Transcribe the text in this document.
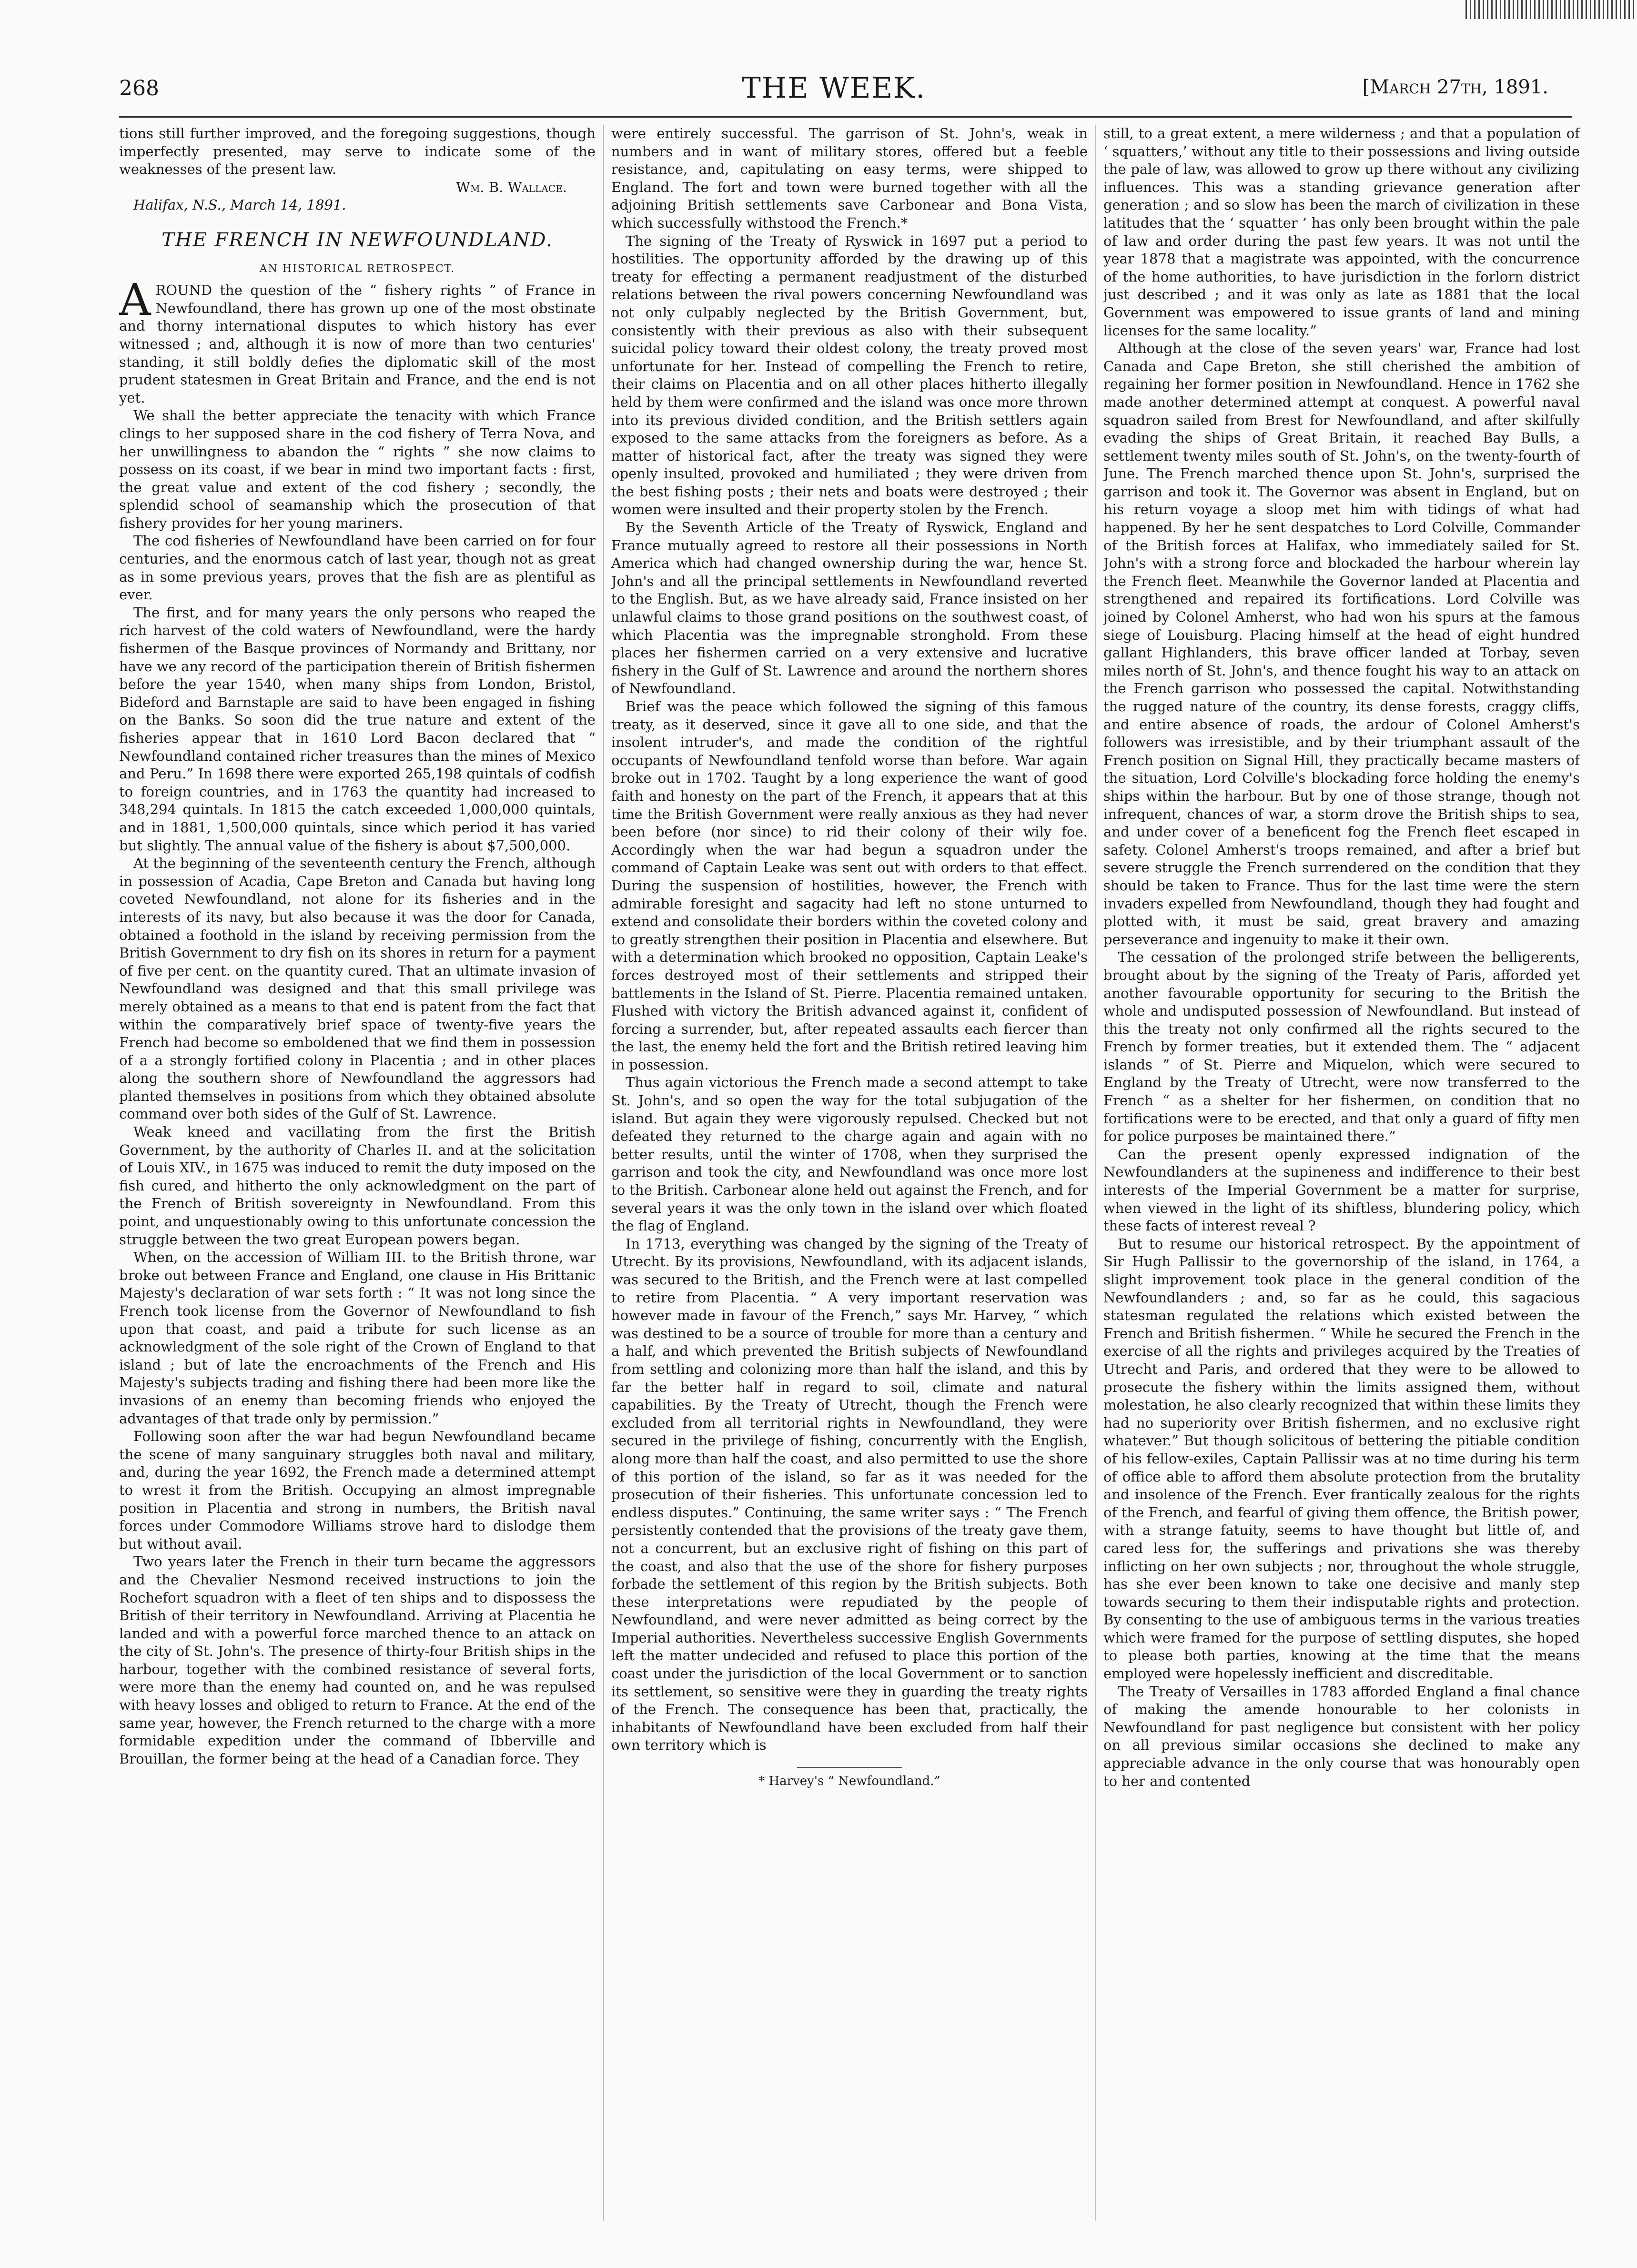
268	THE WEEK.	[March 27th, 1891.

tions still further improved, and the foregoing suggestions, though imperfectly presented, may serve to indicate some of the weaknesses of the present law.

Wm. B. Wallace.

Halifax, N.S., March 14, 1891.

THE FRENCH IN NEWFOUNDLAND.

AN HISTORICAL RETROSPECT.

AROUND the question of the “ fishery rights ” of France in Newfoundland, there has grown up one of the most obstinate and thorny international disputes to which history has ever witnessed ; and, although it is now of more than two centuries' standing, it still boldly defies the diplomatic skill of the most prudent statesmen in Great Britain and France, and the end is not yet.

We shall the better appreciate the tenacity with which France clings to her supposed share in the cod fishery of Terra Nova, and her unwillingness to abandon the “ rights ” she now claims to possess on its coast, if we bear in mind two important facts : first, the great value and extent of the cod fishery ; secondly, the splendid school of seamanship which the prosecution of that fishery provides for her young mariners.

The cod fisheries of Newfoundland have been carried on for four centuries, and the enormous catch of last year, though not as great as in some previous years, proves that the fish are as plentiful as ever.

The first, and for many years the only persons who reaped the rich harvest of the cold waters of Newfoundland, were the hardy fishermen of the Basque provinces of Normandy and Brittany, nor have we any record of the participation therein of British fishermen before the year 1540, when many ships from London, Bristol, Bideford and Barnstaple are said to have been engaged in fishing on the Banks. So soon did the true nature and extent of the fisheries appear that in 1610 Lord Bacon declared that “ Newfoundland contained richer treasures than the mines of Mexico and Peru.” In 1698 there were exported 265,198 quintals of codfish to foreign countries, and in 1763 the quantity had increased to 348,294 quintals. In 1815 the catch exceeded 1,000,000 quintals, and in 1881, 1,500,000 quintals, since which period it has varied but slightly. The annual value of the fishery is about $7,500,000.

At the beginning of the seventeenth century the French, although in possession of Acadia, Cape Breton and Canada but having long coveted Newfoundland, not alone for its fisheries and in the interests of its navy, but also because it was the door for Canada, obtained a foothold in the island by receiving permission from the British Government to dry fish on its shores in return for a payment of five per cent. on the quantity cured. That an ultimate invasion of Newfoundland was designed and that this small privilege was merely obtained as a means to that end is patent from the fact that within the comparatively brief space of twenty-five years the French had become so emboldened that we find them in possession of a a strongly fortified colony in Placentia ; and in other places along the southern shore of Newfoundland the aggressors had planted themselves in positions from which they obtained absolute command over both sides of the Gulf of St. Lawrence.

Weak kneed and vacillating from the first the British Government, by the authority of Charles II. and at the solicitation of Louis XIV., in 1675 was induced to remit the duty imposed on the fish cured, and hitherto the only acknowledgment on the part of the French of British sovereignty in Newfoundland. From this point, and unquestionably owing to this unfortunate concession the struggle between the two great European powers began.

When, on the accession of William III. to the British throne, war broke out between France and England, one clause in His Brittanic Majesty's declaration of war sets forth : “ It was not long since the French took license from the Governor of Newfoundland to fish upon that coast, and paid a tribute for such license as an acknowledgment of the sole right of the Crown of England to that island ; but of late the encroachments of the French and His Majesty's subjects trading and fishing there had been more like the invasions of an enemy than becoming friends who enjoyed the advantages of that trade only by permission.”

Following soon after the war had begun Newfoundland became the scene of many sanguinary struggles both naval and military, and, during the year 1692, the French made a determined attempt to wrest it from the British. Occupying an almost impregnable position in Placentia and strong in numbers, the British naval forces under Commodore Williams strove hard to dislodge them but without avail.

Two years later the French in their turn became the aggressors and the Chevalier Nesmond received instructions to join the Rochefort squadron with a fleet of ten ships and to dispossess the British of their territory in Newfoundland. Arriving at Placentia he landed and with a powerful force marched thence to an attack on the city of St. John's. The presence of thirty-four British ships in the harbour, together with the combined resistance of several forts, were more than the enemy had counted on, and he was repulsed with heavy losses and obliged to return to France. At the end of the same year, however, the French returned to the charge with a more formidable expedition under the command of Ibberville and Brouillan, the former being at the head of a Canadian force. They

were entirely successful. The garrison of St. John's, weak in numbers and in want of military stores, offered but a feeble resistance, and, capitulating on easy terms, were shipped to England. The fort and town were burned together with all the adjoining British settlements save Carbonear and Bona Vista, which successfully withstood the French.*

The signing of the Treaty of Ryswick in 1697 put a period to hostilities. The opportunity afforded by the drawing up of this treaty for effecting a permanent readjustment of the disturbed relations between the rival powers concerning Newfoundland was not only culpably neglected by the British Government, but, consistently with their previous as also with their subsequent suicidal policy toward their oldest colony, the treaty proved most unfortunate for her. Instead of compelling the French to retire, their claims on Placentia and on all other places hitherto illegally held by them were confirmed and the island was once more thrown into its previous divided condition, and the British settlers again exposed to the same attacks from the foreigners as before. As a matter of historical fact, after the treaty was signed they were openly insulted, provoked and humiliated ; they were driven from the best fishing posts ; their nets and boats were destroyed ; their women were insulted and their property stolen by the French.

By the Seventh Article of the Treaty of Ryswick, England and France mutually agreed to restore all their possessions in North America which had changed ownership during the war, hence St. John's and all the principal settlements in Newfoundland reverted to the English. But, as we have already said, France insisted on her unlawful claims to those grand positions on the southwest coast, of which Placentia was the impregnable stronghold. From these places her fishermen carried on a very extensive and lucrative fishery in the Gulf of St. Lawrence and around the northern shores of Newfoundland.

Brief was the peace which followed the signing of this famous treaty, as it deserved, since it gave all to one side, and that the insolent intruder's, and made the condition of the rightful occupants of Newfoundland tenfold worse than before. War again broke out in 1702. Taught by a long experience the want of good faith and honesty on the part of the French, it appears that at this time the British Government were really anxious as they had never been before (nor since) to rid their colony of their wily foe. Accordingly when the war had begun a squadron under the command of Captain Leake was sent out with orders to that effect. During the suspension of hostilities, however, the French with admirable foresight and sagacity had left no stone unturned to extend and consolidate their borders within the coveted colony and to greatly strengthen their position in Placentia and elsewhere. But with a determination which brooked no opposition, Captain Leake's forces destroyed most of their settlements and stripped their battlements in the Island of St. Pierre. Placentia remained untaken. Flushed with victory the British advanced against it, confident of forcing a surrender, but, after repeated assaults each fiercer than the last, the enemy held the fort and the British retired leaving him in possession.

Thus again victorious the French made a second attempt to take St. John's, and so open the way for the total subjugation of the island. But again they were vigorously repulsed. Checked but not defeated they returned to the charge again and again with no better results, until the winter of 1708, when they surprised the garrison and took the city, and Newfoundland was once more lost to the British. Carbonear alone held out against the French, and for several years it was the only town in the island over which floated the flag of England.

In 1713, everything was changed by the signing of the Treaty of Utrecht. By its provisions, Newfoundland, with its adjacent islands, was secured to the British, and the French were at last compelled to retire from Placentia. “ A very important reservation was however made in favour of the French,” says Mr. Harvey, “ which was destined to be a source of trouble for more than a century and a half, and which prevented the British subjects of Newfoundland from settling and colonizing more than half the island, and this by far the better half in regard to soil, climate and natural capabilities. By the Treaty of Utrecht, though the French were excluded from all territorial rights in Newfoundland, they were secured in the privilege of fishing, concurrently with the English, along more than half the coast, and also permitted to use the shore of this portion of the island, so far as it was needed for the prosecution of their fisheries. This unfortunate concession led to endless disputes.” Continuing, the same writer says : “ The French persistently contended that the provisions of the treaty gave them, not a concurrent, but an exclusive right of fishing on this part of the coast, and also that the use of the shore for fishery purposes forbade the settlement of this region by the British subjects. Both these interpretations were repudiated by the people of Newfoundland, and were never admitted as being correct by the Imperial authorities. Nevertheless successive English Governments left the matter undecided and refused to place this portion of the coast under the jurisdiction of the local Government or to sanction its settlement, so sensitive were they in guarding the treaty rights of the French. The consequence has been that, practically, the inhabitants of Newfoundland have been excluded from half their own territory which is

* Harvey's “ Newfoundland.”

still, to a great extent, a mere wilderness ; and that a population of ‘ squatters,’ without any title to their possessions and living outside the pale of law, was allowed to grow up there without any civilizing influences. This was a standing grievance generation after generation ; and so slow has been the march of civilization in these latitudes that the ‘ squatter ’ has only been brought within the pale of law and order during the past few years. It was not until the year 1878 that a magistrate was appointed, with the concurrence of the home authorities, to have jurisdiction in the forlorn district just described ; and it was only as late as 1881 that the local Government was empowered to issue grants of land and mining licenses for the same locality.”

Although at the close of the seven years' war, France had lost Canada and Cape Breton, she still cherished the ambition of regaining her former position in Newfoundland. Hence in 1762 she made another determined attempt at conquest. A powerful naval squadron sailed from Brest for Newfoundland, and after skilfully evading the ships of Great Britain, it reached Bay Bulls, a settlement twenty miles south of St. John's, on the twenty-fourth of June. The French marched thence upon St. John's, surprised the garrison and took it. The Governor was absent in England, but on his return voyage a sloop met him with tidings of what had happened. By her he sent despatches to Lord Colville, Commander of the British forces at Halifax, who immediately sailed for St. John's with a strong force and blockaded the harbour wherein lay the French fleet. Meanwhile the Governor landed at Placentia and strengthened and repaired its fortifications. Lord Colville was joined by Colonel Amherst, who had won his spurs at the famous siege of Louisburg. Placing himself at the head of eight hundred gallant Highlanders, this brave officer landed at Torbay, seven miles north of St. John's, and thence fought his way to an attack on the French garrison who possessed the capital. Notwithstanding the rugged nature of the country, its dense forests, craggy cliffs, and entire absence of roads, the ardour of Colonel Amherst's followers was irresistible, and by their triumphant assault of the French position on Signal Hill, they practically became masters of the situation, Lord Colville's blockading force holding the enemy's ships within the harbour. But by one of those strange, though not infrequent, chances of war, a storm drove the British ships to sea, and under cover of a beneficent fog the French fleet escaped in safety. Colonel Amherst's troops remained, and after a brief but severe struggle the French surrendered on the condition that they should be taken to France. Thus for the last time were the stern invaders expelled from Newfoundland, though they had fought and plotted with, it must be said, great bravery and amazing perseverance and ingenuity to make it their own.

The cessation of the prolonged strife between the belligerents, brought about by the signing of the Treaty of Paris, afforded yet another favourable opportunity for securing to the British the whole and undisputed possession of Newfoundland. But instead of this the treaty not only confirmed all the rights secured to the French by former treaties, but it extended them. The “ adjacent islands ” of St. Pierre and Miquelon, which were secured to England by the Treaty of Utrecht, were now transferred to the French “ as a shelter for her fishermen, on condition that no fortifications were to be erected, and that only a guard of fifty men for police purposes be maintained there.”

Can the present openly expressed indignation of the Newfoundlanders at the supineness and indifference to their best interests of the Imperial Government be a matter for surprise, when viewed in the light of its shiftless, blundering policy, which these facts of interest reveal ?

But to resume our historical retrospect. By the appointment of Sir Hugh Pallissir to the governorship of the island, in 1764, a slight improvement took place in the general condition of the Newfoundlanders ; and, so far as he could, this sagacious statesman regulated the relations which existed between the French and British fishermen. “ While he secured the French in the exercise of all the rights and privileges acquired by the Treaties of Utrecht and Paris, and ordered that they were to be allowed to prosecute the fishery within the limits assigned them, without molestation, he also clearly recognized that within these limits they had no superiority over British fishermen, and no exclusive right whatever.” But though solicitous of bettering the pitiable condition of his fellow-exiles, Captain Pallissir was at no time during his term of office able to afford them absolute protection from the brutality and insolence of the French. Ever frantically zealous for the rights of the French, and fearful of giving them offence, the British power, with a strange fatuity, seems to have thought but little of, and cared less for, the sufferings and privations she was thereby inflicting on her own subjects ; nor, throughout the whole struggle, has she ever been known to take one decisive and manly step towards securing to them their indisputable rights and protection. By consenting to the use of ambiguous terms in the various treaties which were framed for the purpose of settling disputes, she hoped to please both parties, knowing at the time that the means employed were hopelessly inefficient and discreditable.

The Treaty of Versailles in 1783 afforded England a final chance of making the amende honourable to her colonists in Newfoundland for past negligence but consistent with her policy on all previous similar occasions she declined to make any appreciable advance in the only course that was honourably open to her and contented
